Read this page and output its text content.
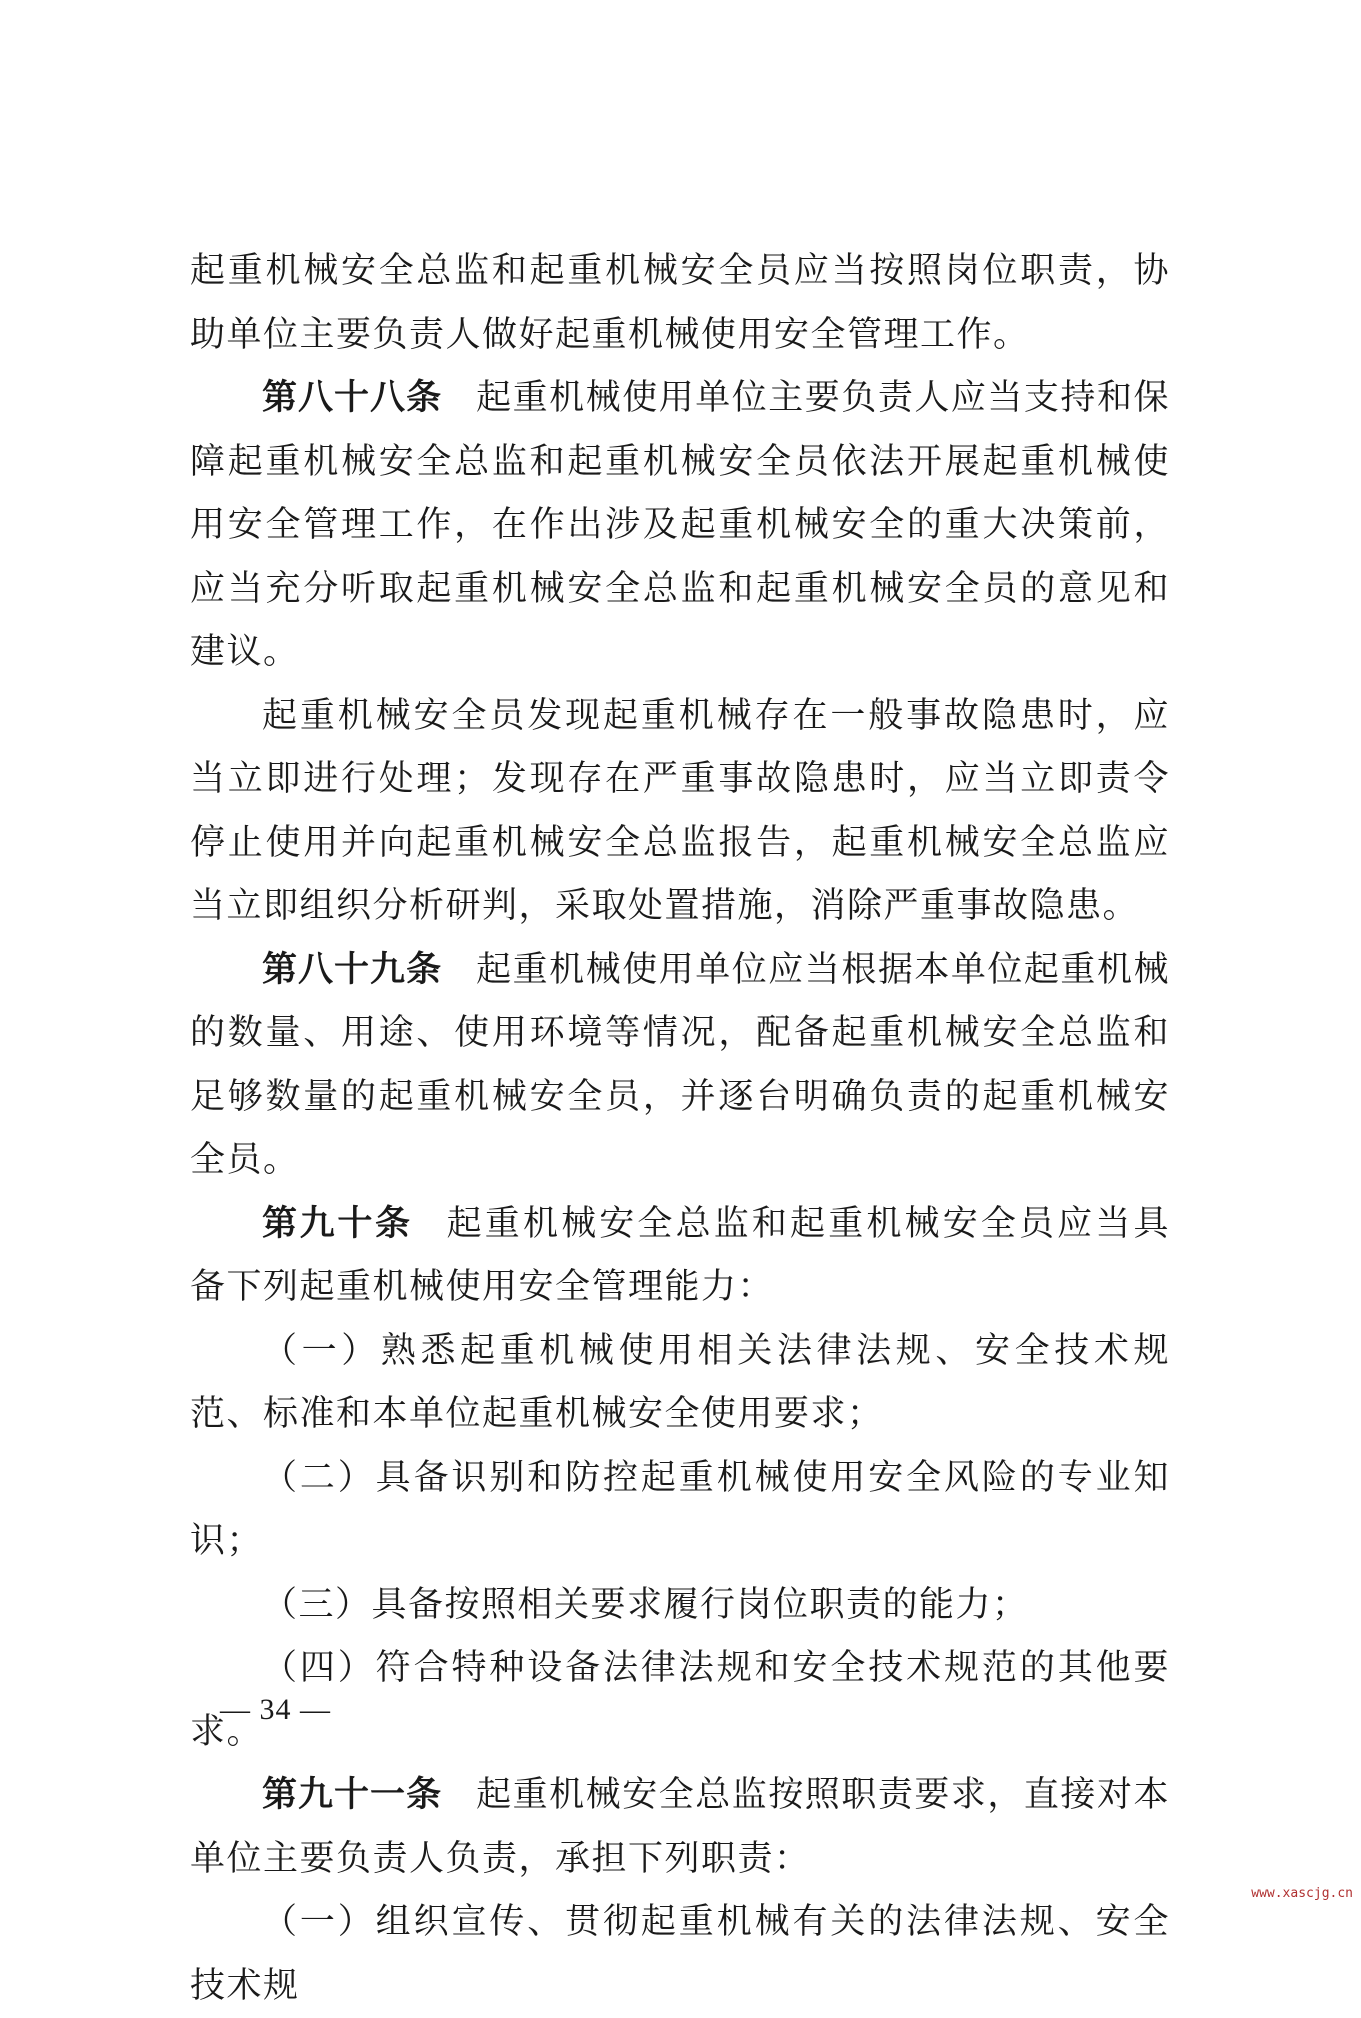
起重机械安全总监和起重机械安全员应当按照岗位职责，协助单位主要负责人做好起重机械使用安全管理工作。

第八十八条 起重机械使用单位主要负责人应当支持和保障起重机械安全总监和起重机械安全员依法开展起重机械使用安全管理工作，在作出涉及起重机械安全的重大决策前，应当充分听取起重机械安全总监和起重机械安全员的意见和建议。

起重机械安全员发现起重机械存在一般事故隐患时，应当立即进行处理；发现存在严重事故隐患时，应当立即责令停止使用并向起重机械安全总监报告，起重机械安全总监应当立即组织分析研判，采取处置措施，消除严重事故隐患。

第八十九条 起重机械使用单位应当根据本单位起重机械的数量、用途、使用环境等情况，配备起重机械安全总监和足够数量的起重机械安全员，并逐台明确负责的起重机械安全员。

第九十条 起重机械安全总监和起重机械安全员应当具备下列起重机械使用安全管理能力：

（一）熟悉起重机械使用相关法律法规、安全技术规范、标准和本单位起重机械安全使用要求；

（二）具备识别和防控起重机械使用安全风险的专业知识；

（三）具备按照相关要求履行岗位职责的能力；

（四）符合特种设备法律法规和安全技术规范的其他要求。

第九十一条 起重机械安全总监按照职责要求，直接对本单位主要负责人负责，承担下列职责：

（一）组织宣传、贯彻起重机械有关的法律法规、安全技术规

— 34 —
www.xascjg.cn
